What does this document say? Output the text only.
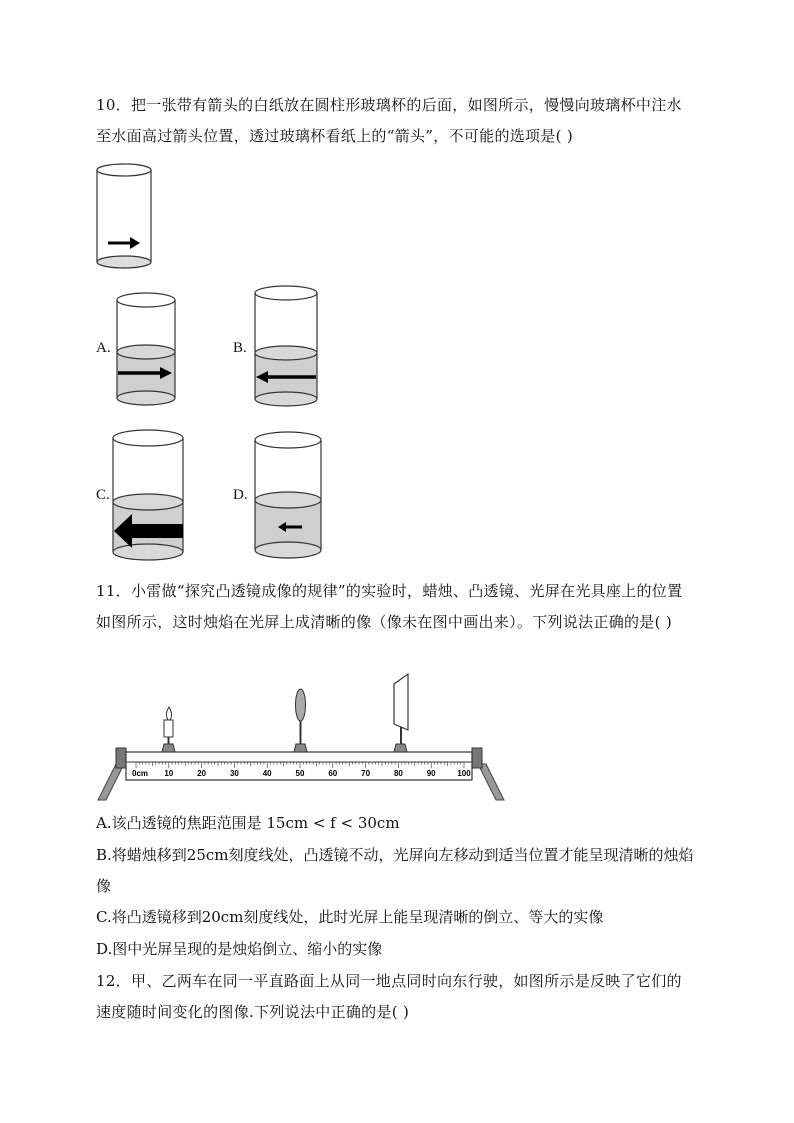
10．把一张带有箭头的白纸放在圆柱形玻璃杯的后面，如图所示，慢慢向玻璃杯中注水至水面高过箭头位置，透过玻璃杯看纸上的“箭头”，不可能的选项是( )
A.	B.
C.	D.
11．小雷做“探究凸透镜成像的规律”的实验时，蜡烛、凸透镜、光屏在光具座上的位置如图所示，这时烛焰在光屏上成清晰的像（像未在图中画出来）。下列说法正确的是( )
0cm 10	20	30	40	50	60	70	80	90	100
A.该凸透镜的焦距范围是 15cm < f < 30cm
B.将蜡烛移到25cm刻度线处，凸透镜不动，光屏向左移动到适当位置才能呈现清晰的烛焰像
C.将凸透镜移到20cm刻度线处，此时光屏上能呈现清晰的倒立、等大的实像
D.图中光屏呈现的是烛焰倒立、缩小的实像
12．甲、乙两车在同一平直路面上从同一地点同时向东行驶，如图所示是反映了它们的速度随时间变化的图像.下列说法中正确的是( )
